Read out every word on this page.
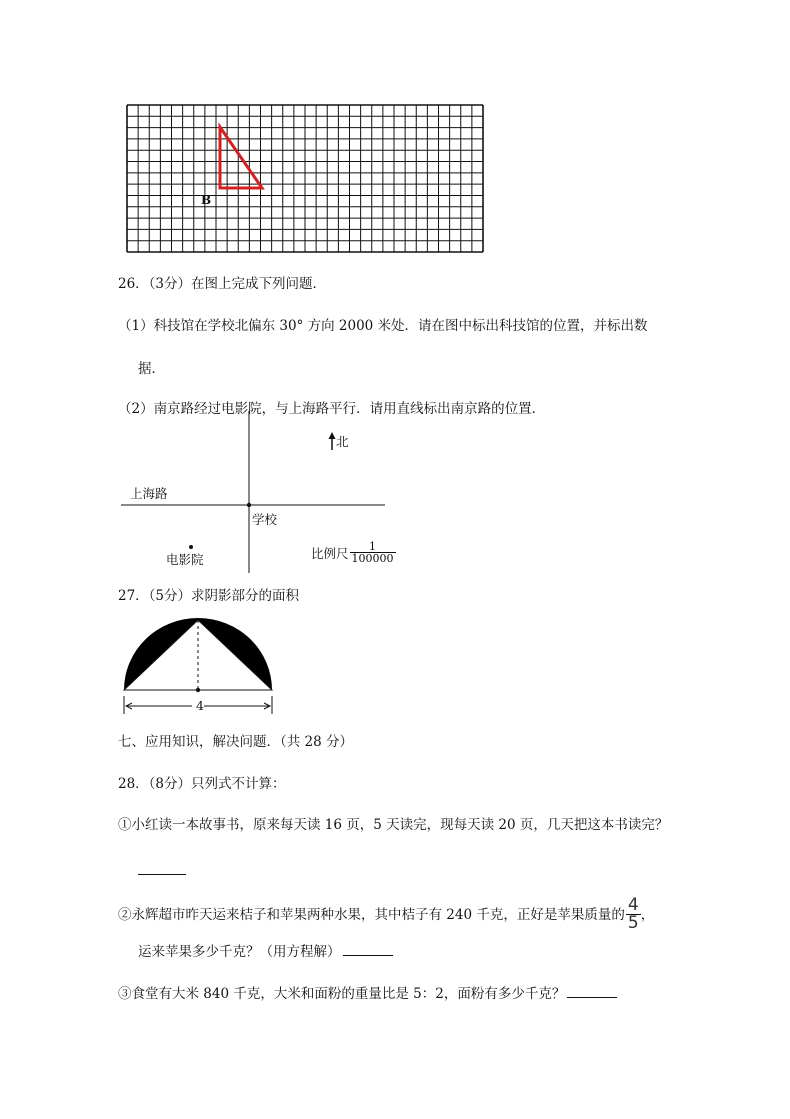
B
26．（3分）在图上完成下列问题．
（1）科技馆在学校北偏东 30° 方向 2000 米处．请在图中标出科技馆的位置，并标出数
据．
（2）南京路经过电影院，与上海路平行．请用直线标出南京路的位置．
北
上海路
学校
电影院	比例尺 $\frac{1}{100000}$
27．（5分）求阴影部分的面积
4
七、应用知识，解决问题．（共 28 分）
28．（8分）只列式不计算：
①小红读一本故事书，原来每天读 16 页，5 天读完，现每天读 20 页，几天把这本书读完？
②永辉超市昨天运来桔子和苹果两种水果，其中桔子有 240 千克，正好是苹果质量的 $\frac{4}{5}$ ，
运来苹果多少千克？（用方程解）
③食堂有大米 840 千克，大米和面粉的重量比是 5：2，面粉有多少千克？
